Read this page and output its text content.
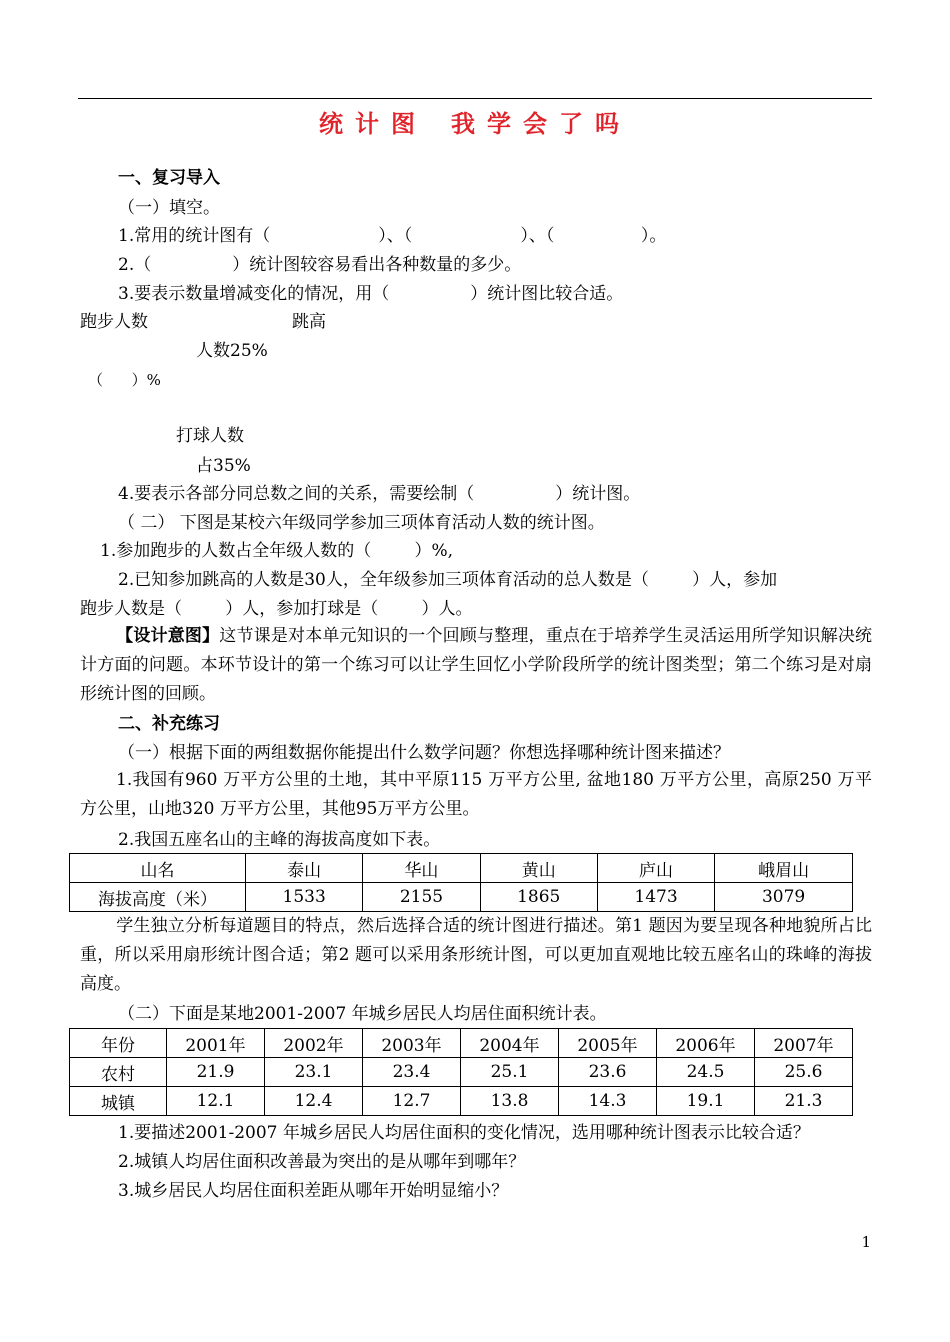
统计图 我学会了吗
一、复习导入
（一）填空。
1.常用的统计图有（                    ）、（                    ）、（                ）。
2.（               ）统计图较容易看出各种数量的多少。
3.要表示数量增减变化的情况，用（               ）统计图比较合适。
跑步人数	跳高
人数25%
（      ）%
打球人数
占35%
4.要表示各部分同总数之间的关系，需要绘制（               ）统计图。
（ 二） 下图是某校六年级同学参加三项体育活动人数的统计图。
1.参加跑步的人数占全年级人数的（        ）%,
2.已知参加跳高的人数是30人，全年级参加三项体育活动的总人数是（        ）人，参加
跑步人数是（        ）人，参加打球是（        ）人。
【设计意图】这节课是对本单元知识的一个回顾与整理，重点在于培养学生灵活运用所学知识解决统计方面的问题。本环节设计的第一个练习可以让学生回忆小学阶段所学的统计图类型；第二个练习是对扇形统计图的回顾。
二、补充练习
（一）根据下面的两组数据你能提出什么数学问题？你想选择哪种统计图来描述？
1.我国有960 万平方公里的土地，其中平原115 万平方公里, 盆地180 万平方公里，高原250 万平方公里，山地320 万平方公里，其他95万平方公里。
2.我国五座名山的主峰的海拔高度如下表。
山名	泰山	华山	黄山	庐山	峨眉山
海拔高度（米）	1533	2155	1865	1473	3079
学生独立分析每道题目的特点，然后选择合适的统计图进行描述。第1 题因为要呈现各种地貌所占比重，所以采用扇形统计图合适；第2 题可以采用条形统计图，可以更加直观地比较五座名山的珠峰的海拔高度。
（二）下面是某地2001-2007 年城乡居民人均居住面积统计表。
年份	2001年	2002年	2003年	2004年	2005年	2006年	2007年
农村	21.9	23.1	23.4	25.1	23.6	24.5	25.6
城镇	12.1	12.4	12.7	13.8	14.3	19.1	21.3
1.要描述2001-2007 年城乡居民人均居住面积的变化情况，选用哪种统计图表示比较合适？
2.城镇人均居住面积改善最为突出的是从哪年到哪年？
3.城乡居民人均居住面积差距从哪年开始明显缩小？
1
